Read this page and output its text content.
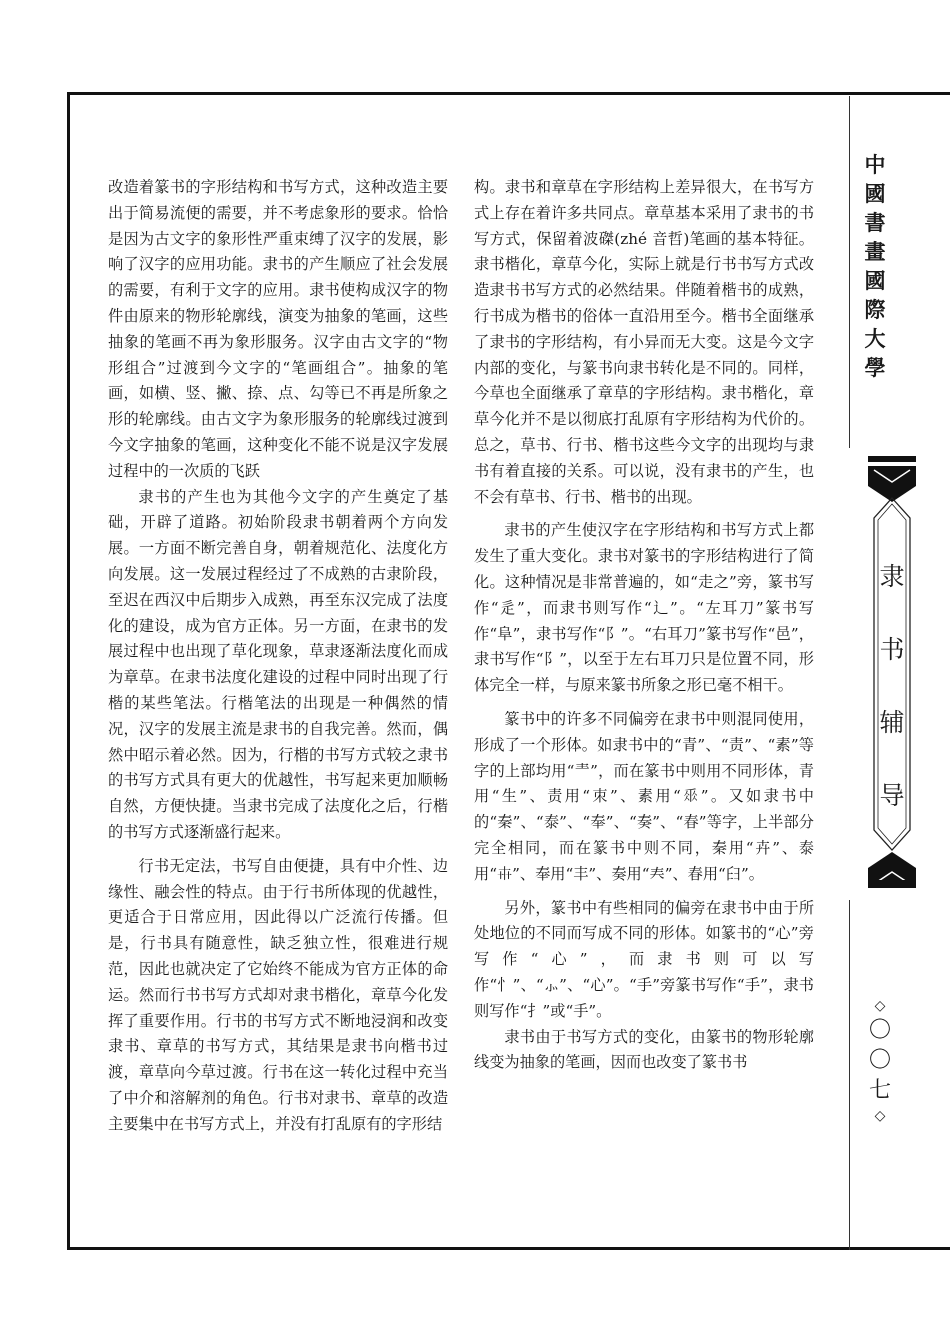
改造着篆书的字形结构和书写方式，这种改造主要出于简易流便的需要，并不考虑象形的要求。恰恰是因为古文字的象形性严重束缚了汉字的发展，影响了汉字的应用功能。隶书的产生顺应了社会发展的需要，有利于文字的应用。隶书使构成汉字的物件由原来的物形轮廓线，演变为抽象的笔画，这些抽象的笔画不再为象形服务。汉字由古文字的“物形组合”过渡到今文字的“笔画组合”。抽象的笔画，如横、竖、撇、捺、点、勾等已不再是所象之形的轮廓线。由古文字为象形服务的轮廓线过渡到今文字抽象的笔画，这种变化不能不说是汉字发展过程中的一次质的飞跃

隶书的产生也为其他今文字的产生奠定了基础，开辟了道路。初始阶段隶书朝着两个方向发展。一方面不断完善自身，朝着规范化、法度化方向发展。这一发展过程经过了不成熟的古隶阶段，至迟在西汉中后期步入成熟，再至东汉完成了法度化的建设，成为官方正体。另一方面，在隶书的发展过程中也出现了草化现象，草隶逐渐法度化而成为章草。在隶书法度化建设的过程中同时出现了行楷的某些笔法。行楷笔法的出现是一种偶然的情况，汉字的发展主流是隶书的自我完善。然而，偶然中昭示着必然。因为，行楷的书写方式较之隶书的书写方式具有更大的优越性，书写起来更加顺畅自然，方便快捷。当隶书完成了法度化之后，行楷的书写方式逐渐盛行起来。

行书无定法，书写自由便捷，具有中介性、边缘性、融会性的特点。由于行书所体现的优越性，更适合于日常应用，因此得以广泛流行传播。但是，行书具有随意性，缺乏独立性，很难进行规范，因此也就决定了它始终不能成为官方正体的命运。然而行书书写方式却对隶书楷化，章草今化发挥了重要作用。行书的书写方式不断地浸润和改变隶书、章草的书写方式，其结果是隶书向楷书过渡，章草向今草过渡。行书在这一转化过程中充当了中介和溶解剂的角色。行书对隶书、章草的改造主要集中在书写方式上，并没有打乱原有的字形结

构。隶书和章草在字形结构上差异很大，在书写方式上存在着许多共同点。章草基本采用了隶书的书写方式，保留着波磔(zhé 音哲)笔画的基本特征。隶书楷化，章草今化，实际上就是行书书写方式改造隶书书写方式的必然结果。伴随着楷书的成熟，行书成为楷书的俗体一直沿用至今。楷书全面继承了隶书的字形结构，有小异而无大变。这是今文字内部的变化，与篆书向隶书转化是不同的。同样，今草也全面继承了章草的字形结构。隶书楷化，章草今化并不是以彻底打乱原有字形结构为代价的。总之，草书、行书、楷书这些今文字的出现均与隶书有着直接的关系。可以说，没有隶书的产生，也不会有草书、行书、楷书的出现。

隶书的产生使汉字在字形结构和书写方式上都发生了重大变化。隶书对篆书的字形结构进行了简化。这种情况是非常普遍的，如“走之”旁，篆书写作“辵”，而隶书则写作“辶”。“左耳刀”篆书写作“阜”，隶书写作“阝”。“右耳刀”篆书写作“邑”，隶书写作“阝”，以至于左右耳刀只是位置不同，形体完全一样，与原来篆书所象之形已毫不相干。

篆书中的许多不同偏旁在隶书中则混同使用，形成了一个形体。如隶书中的“青”、“责”、“素”等字的上部均用“龶”，而在篆书中则用不同形体，青用“生”、责用“朿”、素用“𠂹”。又如隶书中的“秦”、“泰”、“奉”、“奏”、“春”等字，上半部分完全相同，而在篆书中则不同，秦用“𠦄”、泰用“𠦃”、奉用“丰”、奏用“𡗗”、春用“𦥑”。

另外，篆书中有些相同的偏旁在隶书中由于所处地位的不同而写成不同的形体。如篆书的“心”旁写作“心”，而隶书则可以写作“忄”、“⺗”、“心”。“手”旁篆书写作“手”，隶书则写作“扌”或“手”。

隶书由于书写方式的变化，由篆书的物形轮廓线变为抽象的笔画，因而也改变了篆书书

中
國
書
畫
國
際
大
學
隶
书
辅
导
◇
〇
〇
七
◇
